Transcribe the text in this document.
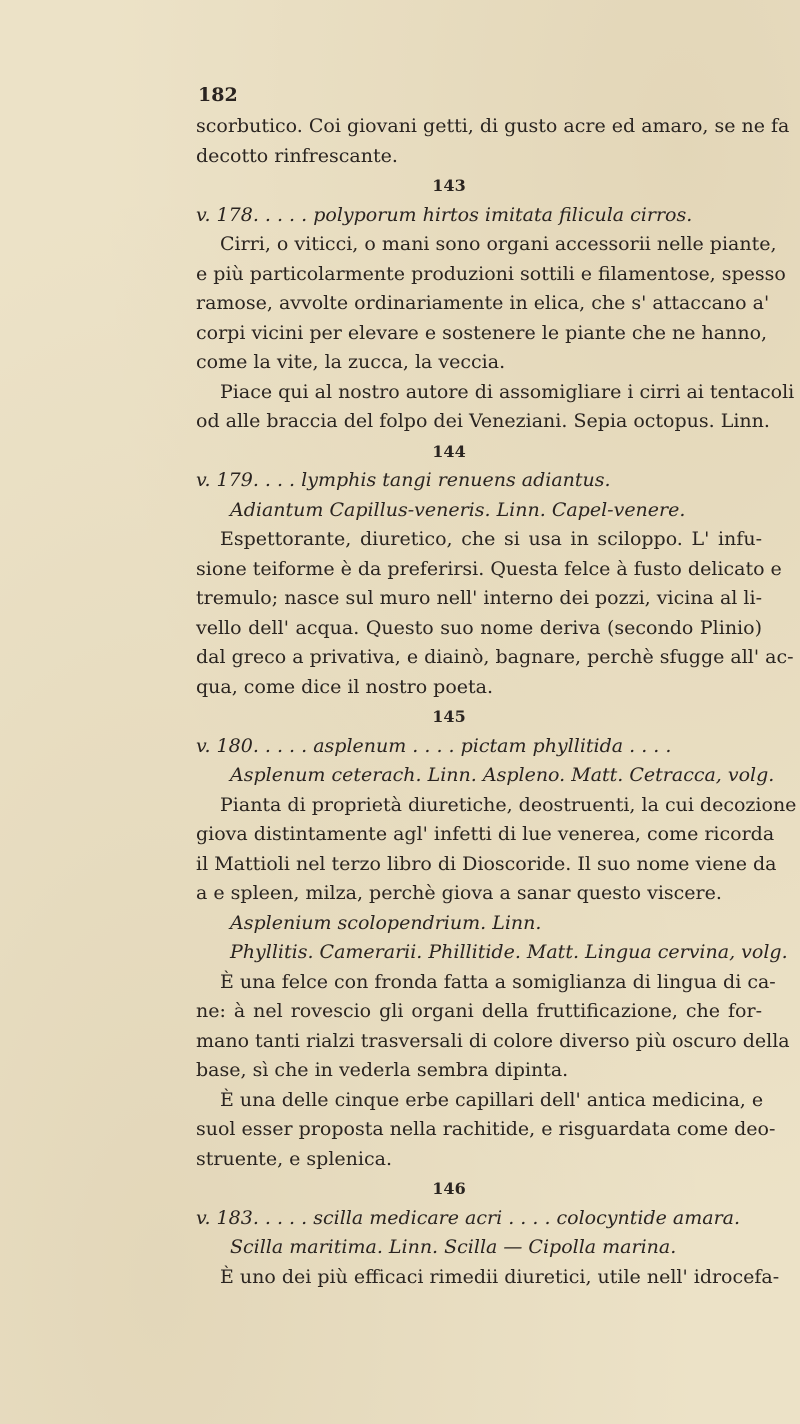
182
scorbutico. Coi giovani getti, di gusto acre ed amaro, se ne fa
decotto rinfrescante.
143
v. 178. . . . . polyporum hirtos imitata filicula cirros.
Cirri, o viticci, o mani sono organi accessorii nelle piante,
e più particolarmente produzioni sottili e filamentose, spesso
ramose, avvolte ordinariamente in elica, che s' attaccano a'
corpi vicini per elevare e sostenere le piante che ne hanno,
come la vite, la zucca, la veccia.
Piace qui al nostro autore di assomigliare i cirri ai tentacoli
od alle braccia del folpo dei Veneziani. Sepia octopus. Linn.
144
v. 179. . . . lymphis tangi renuens adiantus.
Adiantum Capillus-veneris. Linn. Capel-venere.
Espettorante, diuretico, che si usa in sciloppo. L' infu-
sione teiforme è da preferirsi. Questa felce à fusto delicato e
tremulo; nasce sul muro nell' interno dei pozzi, vicina al li-
vello dell' acqua. Questo suo nome deriva (secondo Plinio)
dal greco a privativa, e diainò, bagnare, perchè sfugge all' ac-
qua, come dice il nostro poeta.
145
v. 180. . . . . asplenum . . . . pictam phyllitida . . . .
Asplenum ceterach. Linn. Aspleno. Matt. Cetracca, volg.
Pianta di proprietà diuretiche, deostruenti, la cui decozione
giova distintamente agl' infetti di lue venerea, come ricorda
il Mattioli nel terzo libro di Dioscoride. Il suo nome viene da
a e spleen, milza, perchè giova a sanar questo viscere.
Asplenium scolopendrium. Linn.
Phyllitis. Camerarii. Phillitide. Matt. Lingua cervina, volg.
È una felce con fronda fatta a somiglianza di lingua di ca-
ne: à nel rovescio gli organi della fruttificazione, che for-
mano tanti rialzi trasversali di colore diverso più oscuro della
base, sì che in vederla sembra dipinta.
È una delle cinque erbe capillari dell' antica medicina, e
suol esser proposta nella rachitide, e risguardata come deo-
struente, e splenica.
146
v. 183. . . . . scilla medicare acri . . . . colocyntide amara.
Scilla maritima. Linn. Scilla — Cipolla marina.
È uno dei più efficaci rimedii diuretici, utile nell' idrocefa-
